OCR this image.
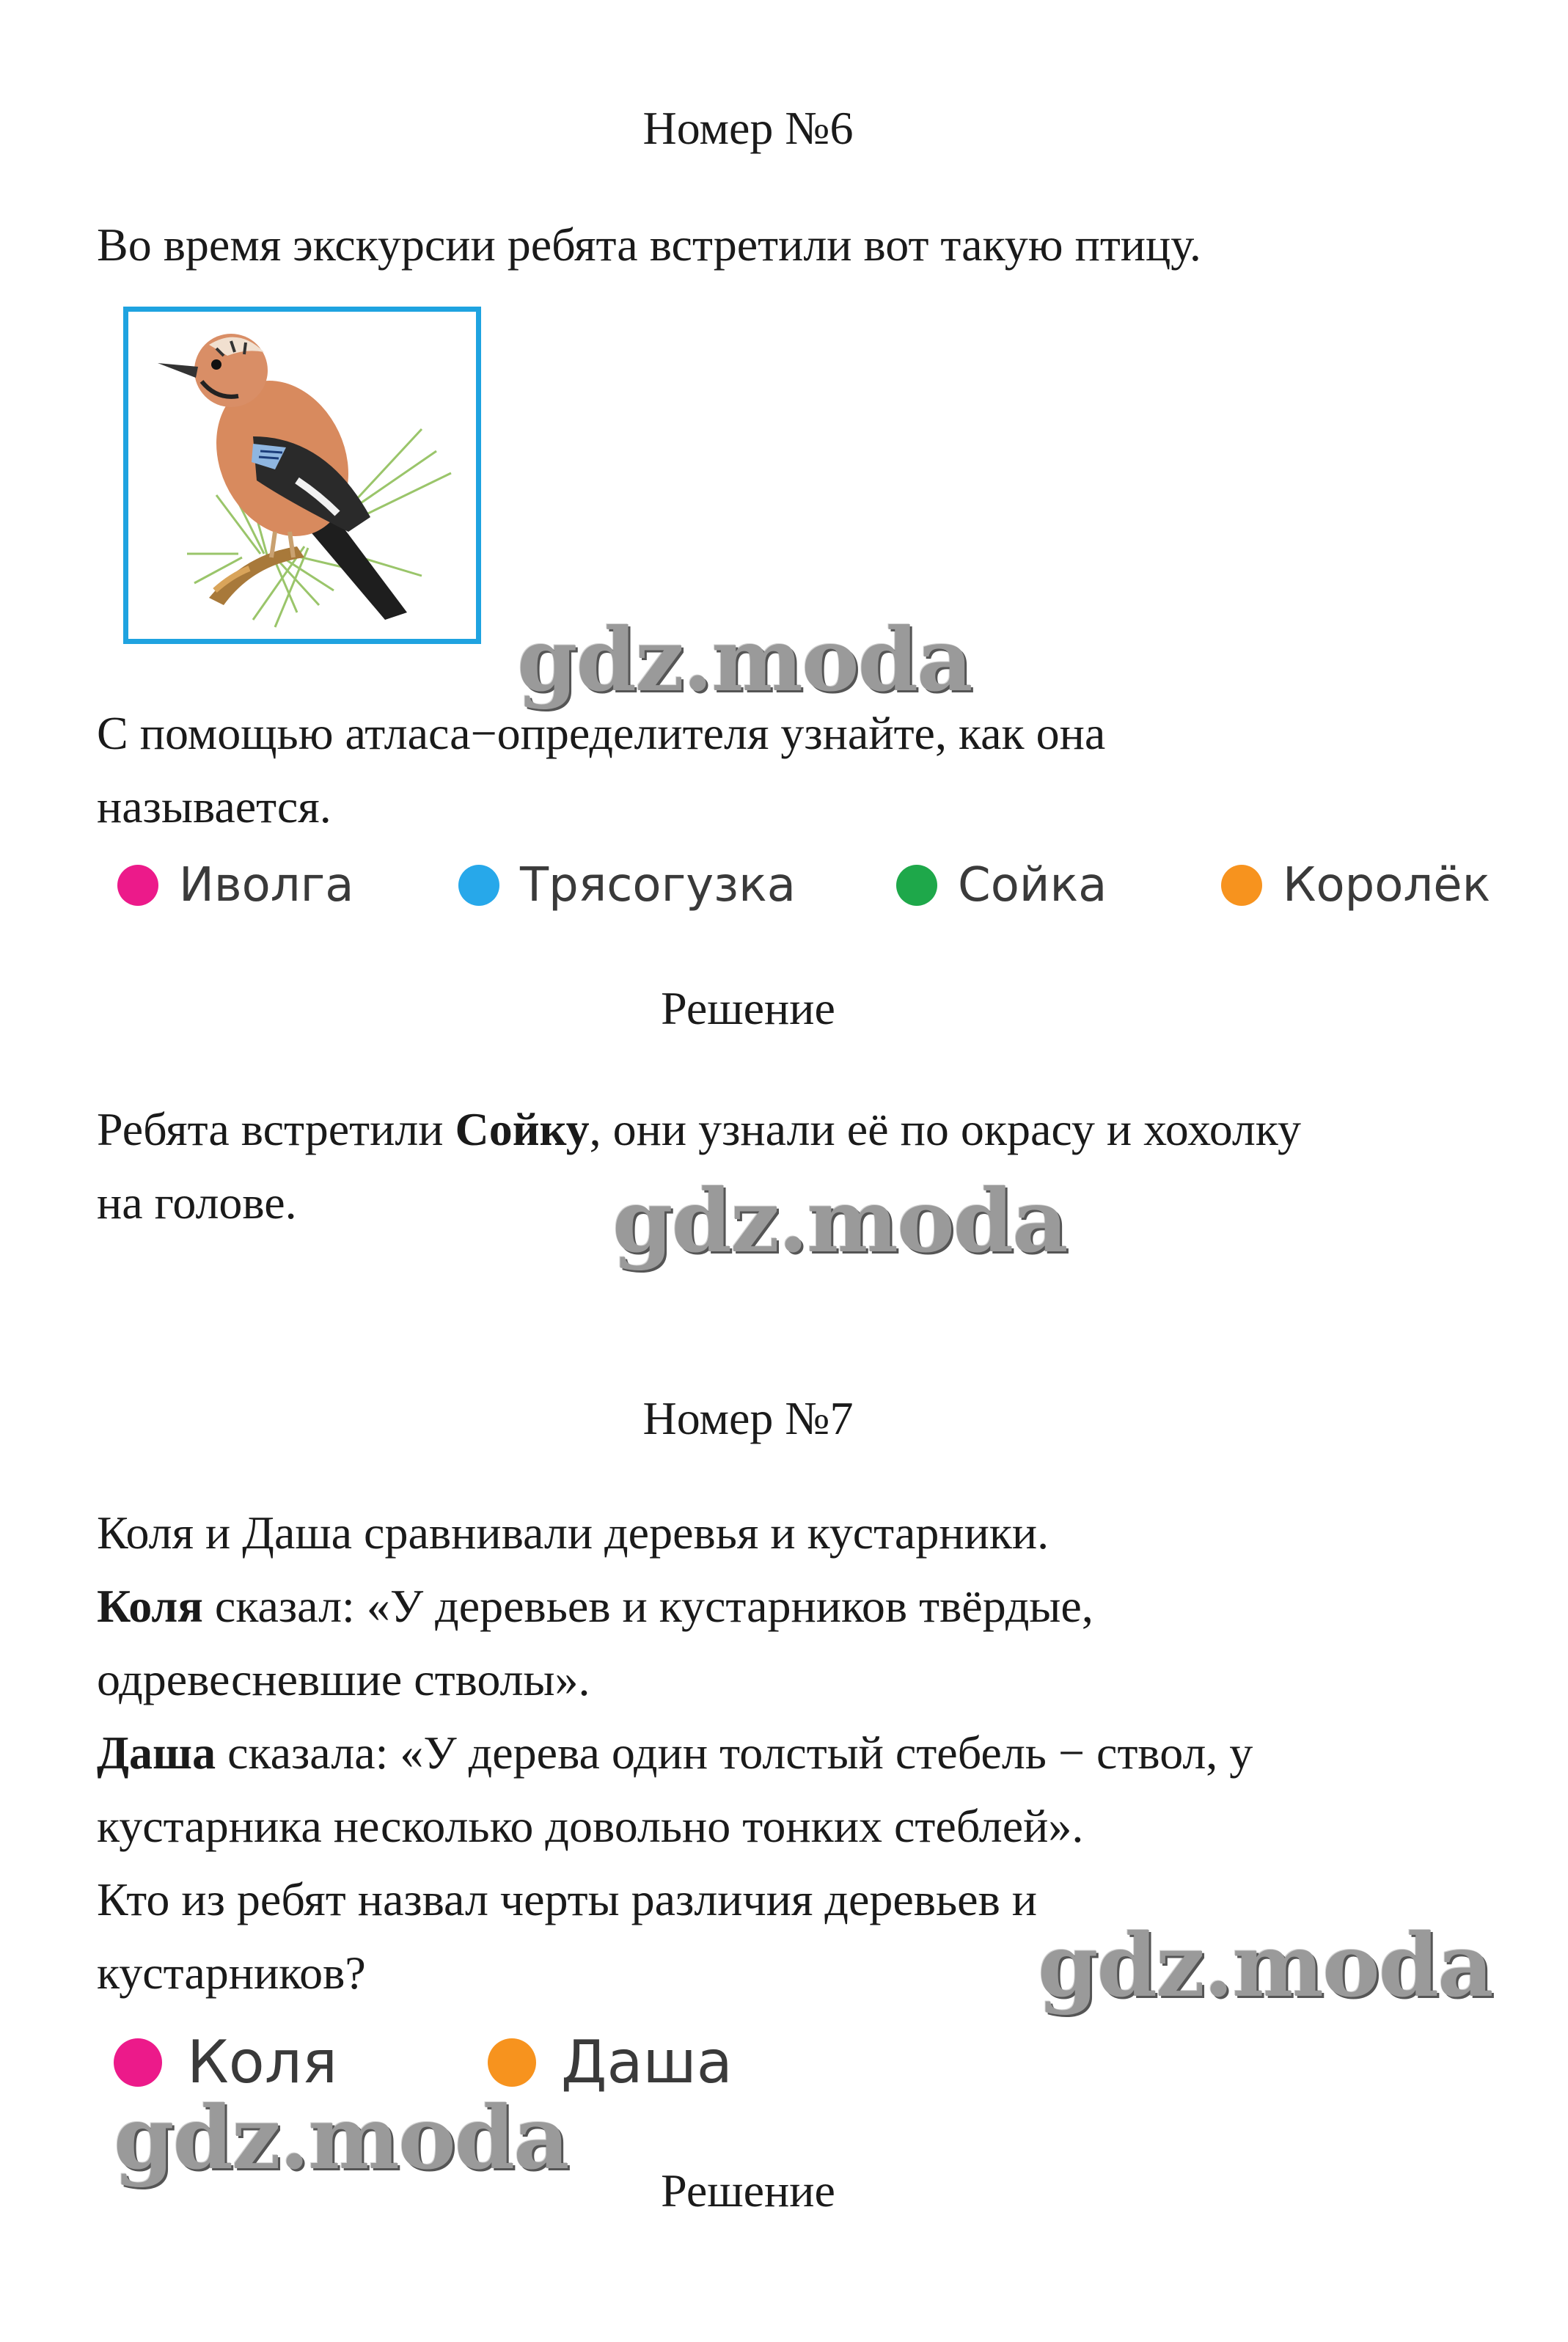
Номер №6
Во время экскурсии ребята встретили вот такую птицу.
gdz.moda
С помощью атласа−определителя узнайте, как она
называется.
Иволга	Трясогузка	Сойка	Королёк
Решение
Ребята встретили Сойку, они узнали её по окрасу и хохолку
на голове.	gdz.moda
Номер №7
Коля и Даша сравнивали деревья и кустарники.
Коля сказал: «У деревьев и кустарников твёрдые,
одревесневшие стволы».
Даша сказала: «У дерева один толстый стебель − ствол, у
кустарника несколько довольно тонких стеблей».
Кто из ребят назвал черты различия деревьев и
кустарников?	gdz.moda
Коля	Даша
gdz.moda
Решение
